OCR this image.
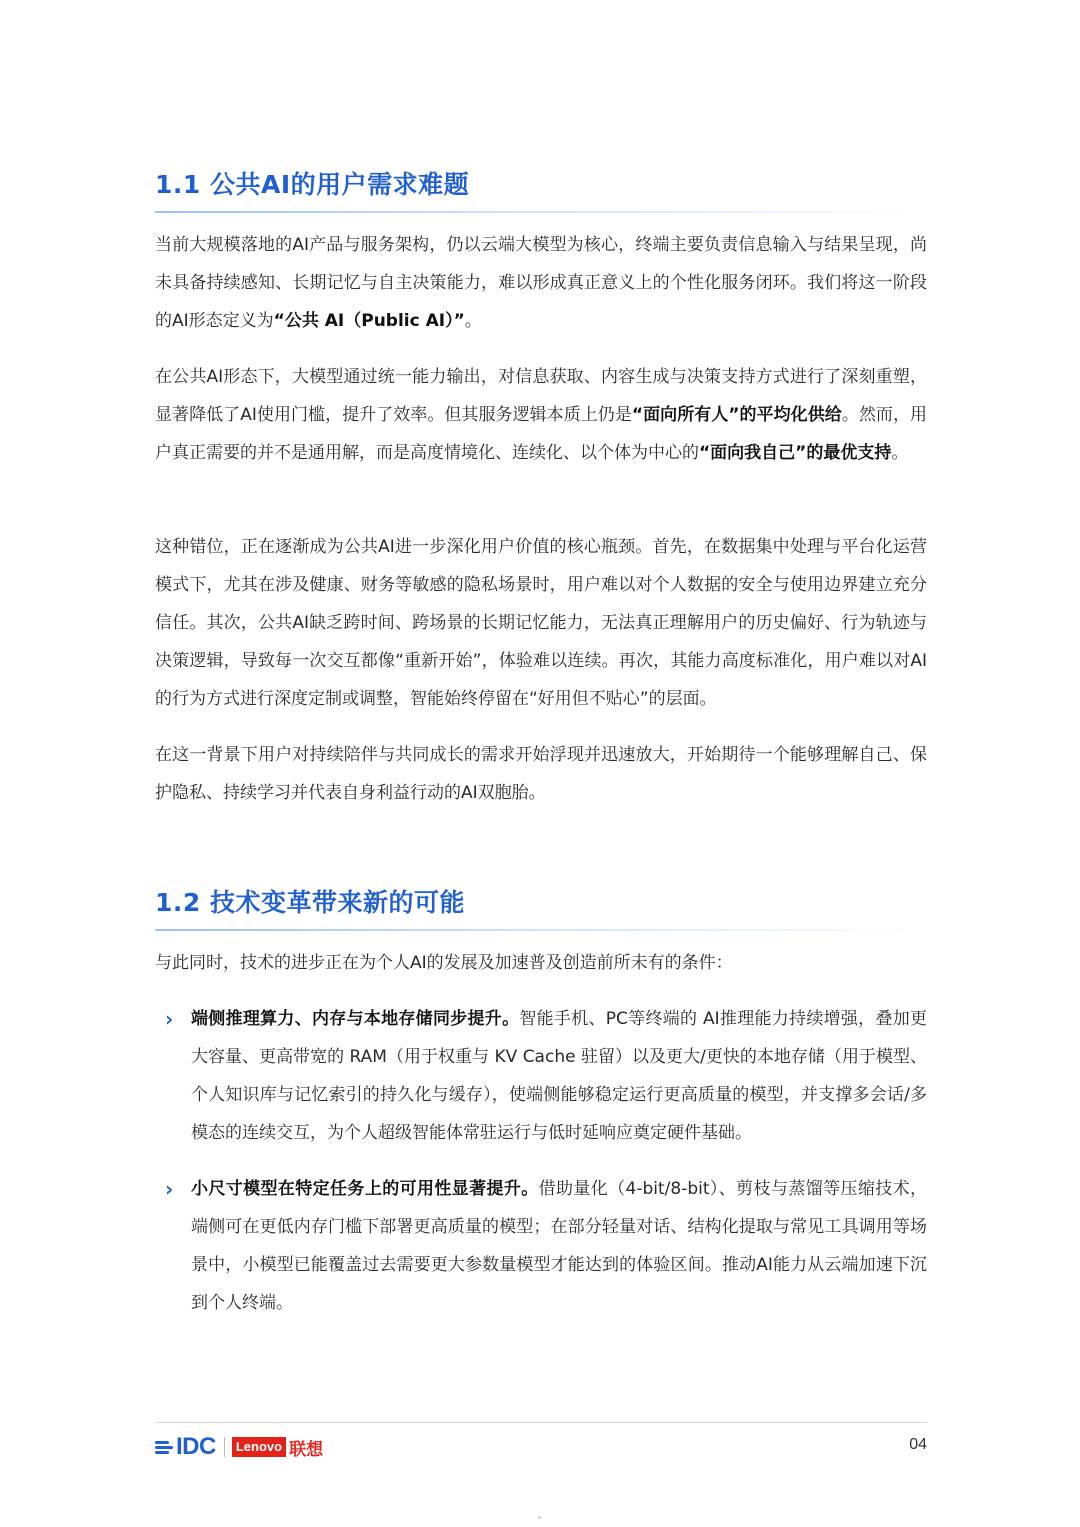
1.1 公共AI的用户需求难题

当前大规模落地的AI产品与服务架构，仍以云端大模型为核心，终端主要负责信息输入与结果呈现，尚未具备持续感知、长期记忆与自主决策能力，难以形成真正意义上的个性化服务闭环。我们将这一阶段的AI形态定义为“公共 AI（Public AI）”。

在公共AI形态下，大模型通过统一能力输出，对信息获取、内容生成与决策支持方式进行了深刻重塑，显著降低了AI使用门槛，提升了效率。但其服务逻辑本质上仍是“面向所有人”的平均化供给。然而，用户真正需要的并不是通用解，而是高度情境化、连续化、以个体为中心的“面向我自己”的最优支持。

这种错位，正在逐渐成为公共AI进一步深化用户价值的核心瓶颈。首先，在数据集中处理与平台化运营模式下，尤其在涉及健康、财务等敏感的隐私场景时，用户难以对个人数据的安全与使用边界建立充分信任。其次，公共AI缺乏跨时间、跨场景的长期记忆能力，无法真正理解用户的历史偏好、行为轨迹与决策逻辑，导致每一次交互都像“重新开始”，体验难以连续。再次，其能力高度标准化，用户难以对AI 的行为方式进行深度定制或调整，智能始终停留在“好用但不贴心”的层面。

在这一背景下用户对持续陪伴与共同成长的需求开始浮现并迅速放大，开始期待一个能够理解自己、保护隐私、持续学习并代表自身利益行动的AI双胞胎。

1.2 技术变革带来新的可能

与此同时，技术的进步正在为个人AI的发展及加速普及创造前所未有的条件：

› 端侧推理算力、内存与本地存储同步提升。智能手机、PC等终端的 AI推理能力持续增强，叠加更大容量、更高带宽的 RAM（用于权重与 KV Cache 驻留）以及更大/更快的本地存储（用于模型、个人知识库与记忆索引的持久化与缓存），使端侧能够稳定运行更高质量的模型，并支撑多会话/多模态的连续交互，为个人超级智能体常驻运行与低时延响应奠定硬件基础。
› 小尺寸模型在特定任务上的可用性显著提升。借助量化（4-bit/8-bit）、剪枝与蒸馏等压缩技术，端侧可在更低内存门槛下部署更高质量的模型；在部分轻量对话、结构化提取与常见工具调用等场景中，小模型已能覆盖过去需要更大参数量模型才能达到的体验区间。推动AI能力从云端加速下沉到个人终端。
IDC	Lenovo 联想	04
